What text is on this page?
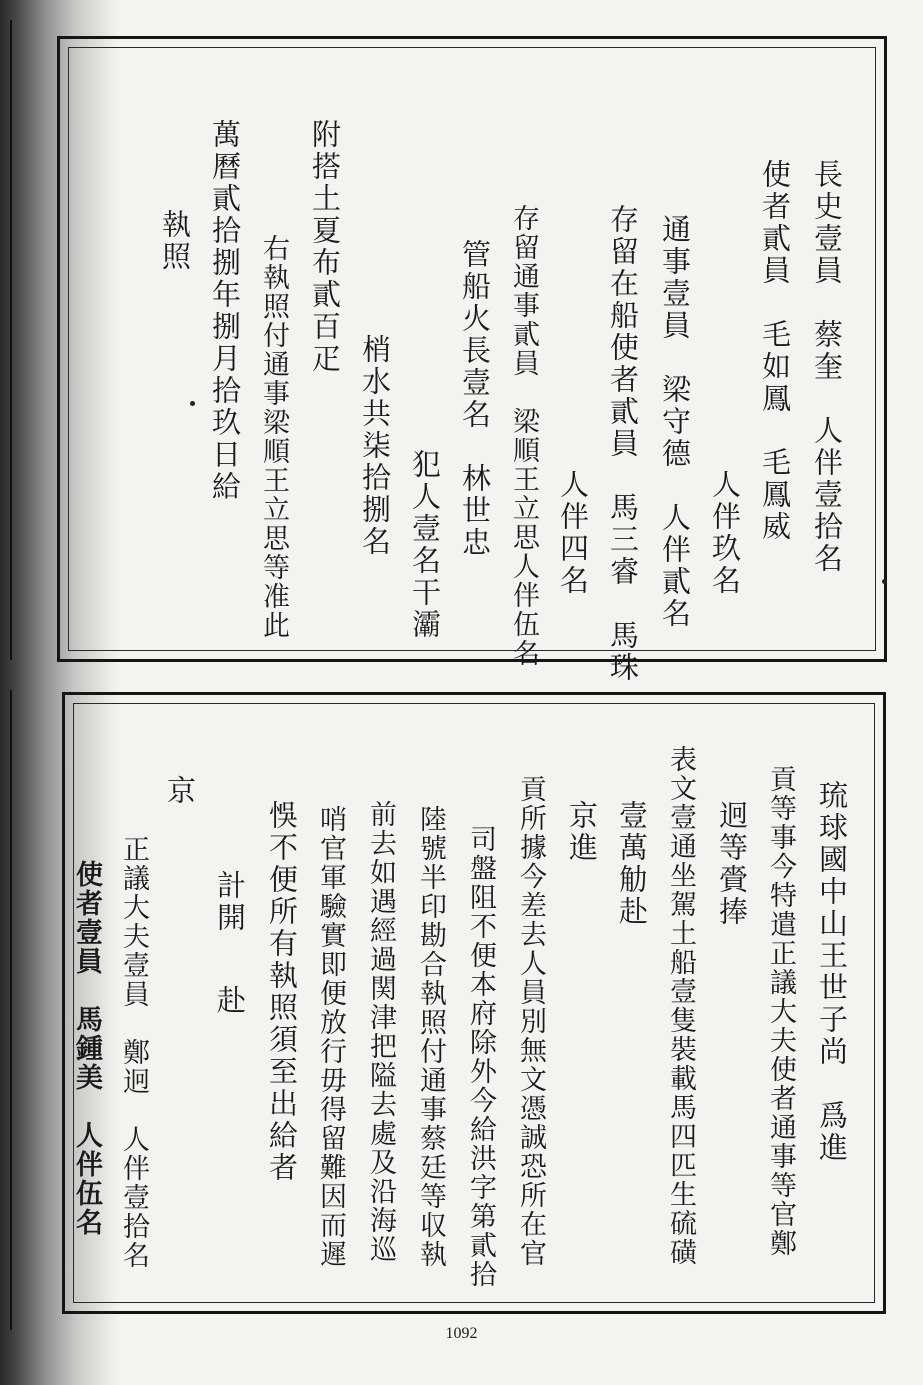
長史壹員　蔡奎　人伴壹拾名
使者貳員　毛如鳳　毛鳳威
人伴玖名
通事壹員　梁守德　人伴貳名
存留在船使者貳員　馬三睿　馬珠
人伴四名
存留通事貳員　梁順王立思人伴伍名
管船火長壹名　林世忠
犯人壹名干灞
梢水共柒拾捌名
附搭土夏布貳百疋
右執照付通事梁順王立思等准此
萬曆貳拾捌年捌月拾玖日給
執照
琉球國中山王世子尚　爲進
貢等事今特遣正議大夫使者通事等官鄭
迥等賫捧
表文壹通坐駕土船壹隻裝載馬四匹生硫磺
壹萬觔赴
京進
貢所據今差去人員別無文憑誠恐所在官
司盤阻不便本府除外今給洪字第貳拾
陸號半印勘合執照付通事蔡廷等収執
前去如遇經過関津把隘去處及沿海巡
哨官軍驗實即便放行毋得留難因而遲
悞不便所有執照須至出給者
計開
赴
京
正議大夫壹員　鄭迥　人伴壹拾名
使者壹員　馬鍾美　人伴伍名
1092
